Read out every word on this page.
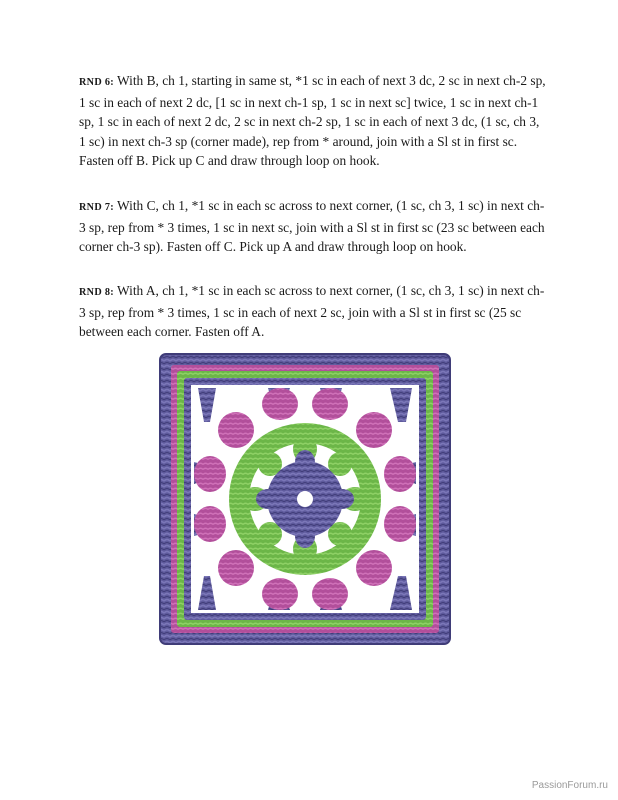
RND 6: With B, ch 1, starting in same st, *1 sc in each of next 3 dc, 2 sc in next ch-2 sp, 1 sc in each of next 2 dc, [1 sc in next ch-1 sp, 1 sc in next sc] twice, 1 sc in next ch-1 sp, 1 sc in each of next 2 dc, 2 sc in next ch-2 sp, 1 sc in each of next 3 dc, (1 sc, ch 3, 1 sc) in next ch-3 sp (corner made), rep from * around, join with a Sl st in first sc. Fasten off B. Pick up C and draw through loop on hook.

RND 7: With C, ch 1, *1 sc in each sc across to next corner, (1 sc, ch 3, 1 sc) in next ch-3 sp, rep from * 3 times, 1 sc in next sc, join with a Sl st in first sc (23 sc between each corner ch-3 sp). Fasten off C. Pick up A and draw through loop on hook.

RND 8: With A, ch 1, *1 sc in each sc across to next corner, (1 sc, ch 3, 1 sc) in next ch-3 sp, rep from * 3 times, 1 sc in each of next 2 sc, join with a Sl st in first sc (25 sc between each corner. Fasten off A.

PassionForum.ru
